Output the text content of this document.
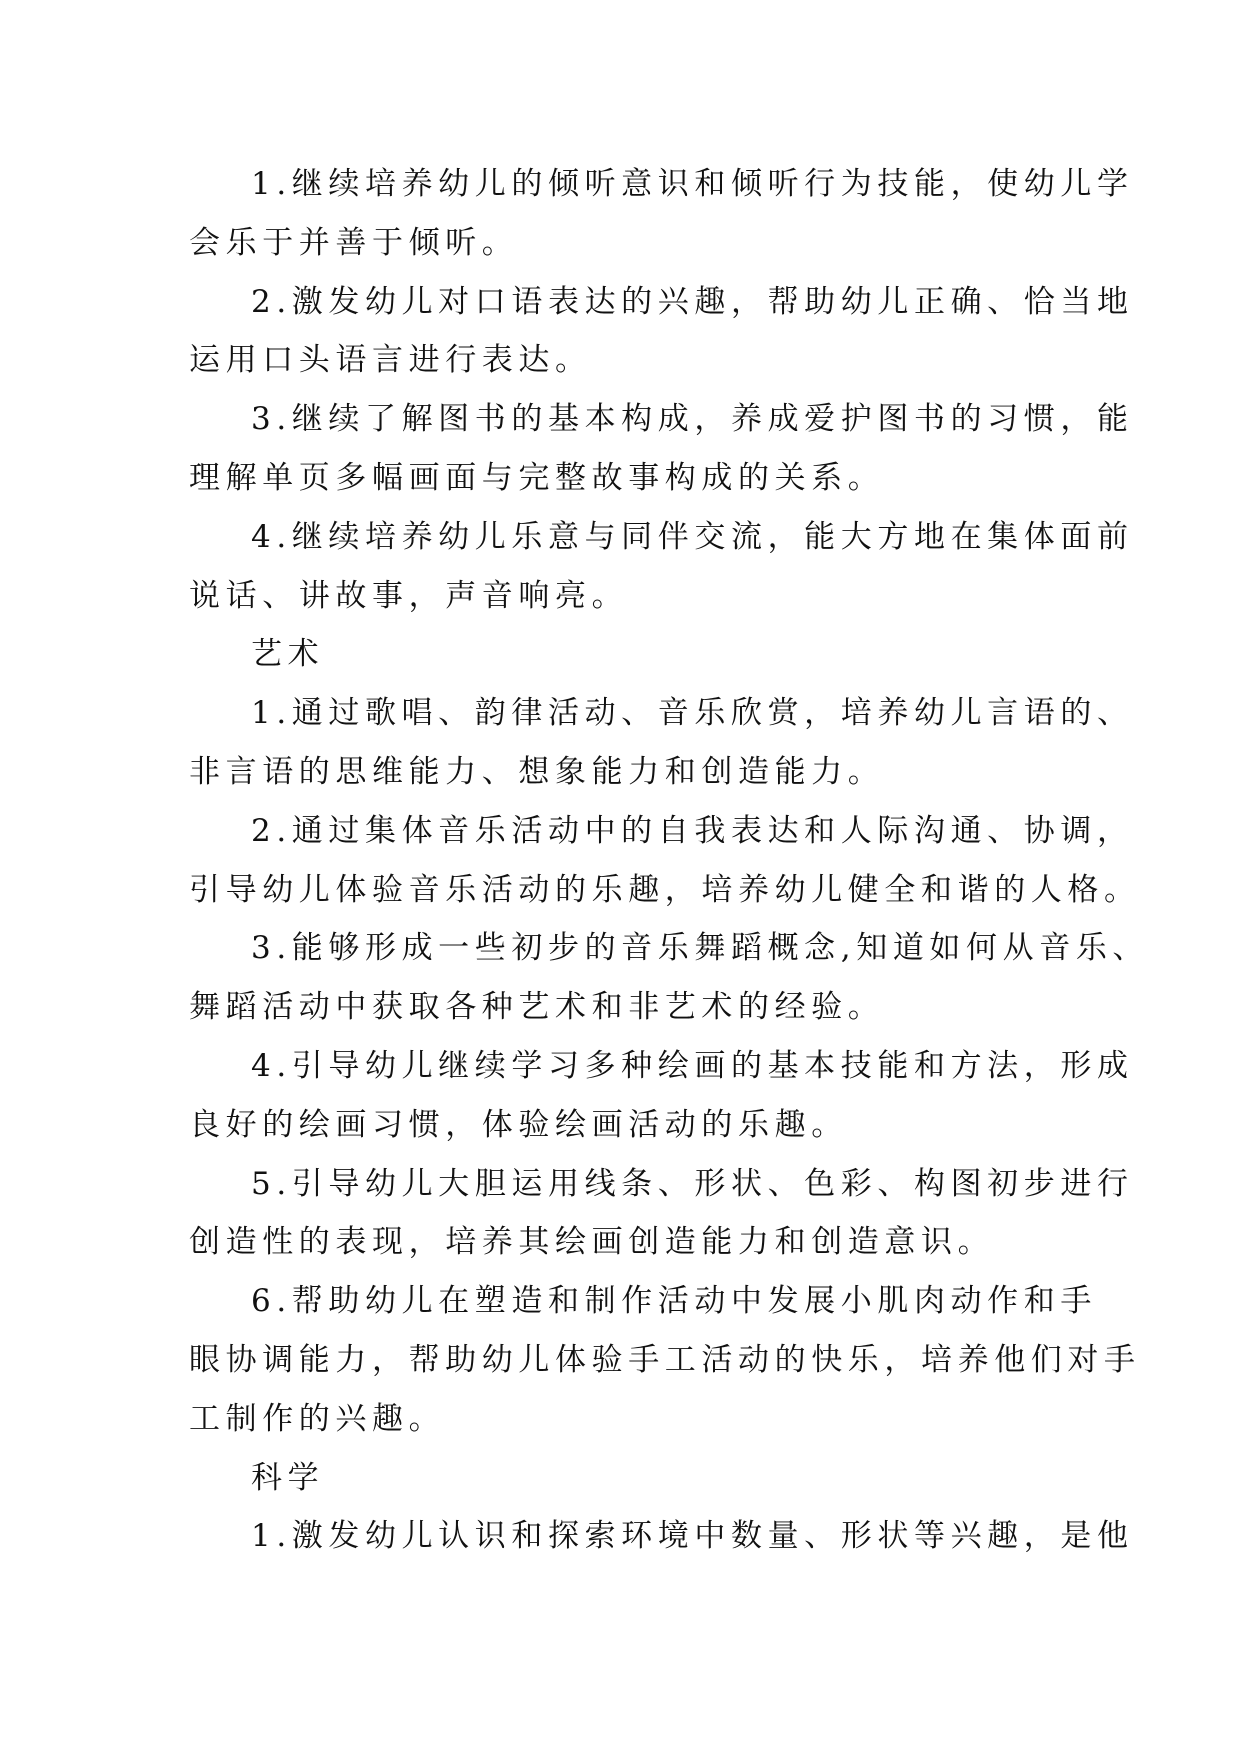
1.继续培养幼儿的倾听意识和倾听行为技能，使幼儿学
会乐于并善于倾听。
2.激发幼儿对口语表达的兴趣，帮助幼儿正确、恰当地
运用口头语言进行表达。
3.继续了解图书的基本构成，养成爱护图书的习惯，能
理解单页多幅画面与完整故事构成的关系。
4.继续培养幼儿乐意与同伴交流，能大方地在集体面前
说话、讲故事，声音响亮。
艺术
1.通过歌唱、韵律活动、音乐欣赏，培养幼儿言语的、
非言语的思维能力、想象能力和创造能力。
2.通过集体音乐活动中的自我表达和人际沟通、协调，
引导幼儿体验音乐活动的乐趣，培养幼儿健全和谐的人格。
3.能够形成一些初步的音乐舞蹈概念,知道如何从音乐、
舞蹈活动中获取各种艺术和非艺术的经验。
4.引导幼儿继续学习多种绘画的基本技能和方法，形成
良好的绘画习惯，体验绘画活动的乐趣。
5.引导幼儿大胆运用线条、形状、色彩、构图初步进行
创造性的表现，培养其绘画创造能力和创造意识。
6.帮助幼儿在塑造和制作活动中发展小肌肉动作和手
眼协调能力，帮助幼儿体验手工活动的快乐，培养他们对手
工制作的兴趣。
科学
1.激发幼儿认识和探索环境中数量、形状等兴趣，是他
